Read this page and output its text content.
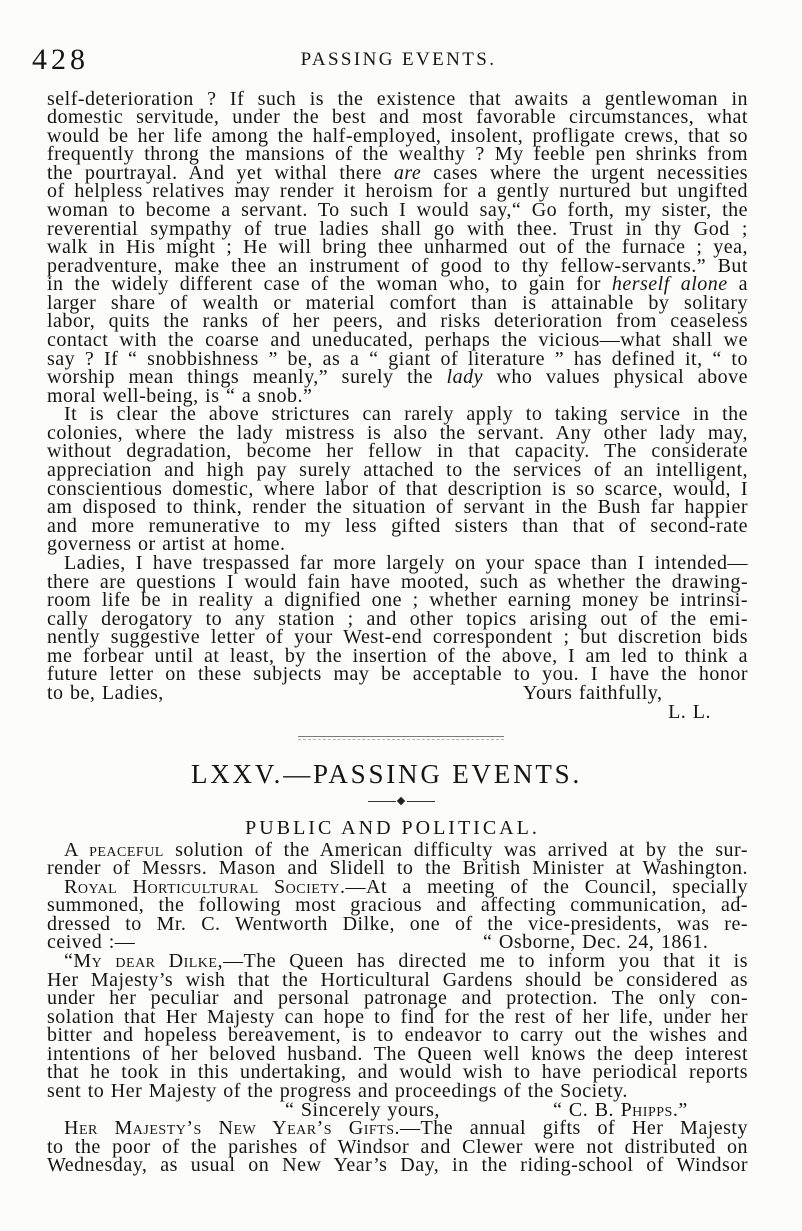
428	PASSING EVENTS.
self-deterioration ? If such is the existence that awaits a gentlewoman in
domestic servitude, under the best and most favorable circumstances, what
would be her life among the half-employed, insolent, profligate crews, that so
frequently throng the mansions of the wealthy ? My feeble pen shrinks from
the pourtrayal. And yet withal there are cases where the urgent necessities
of helpless relatives may render it heroism for a gently nurtured but ungifted
woman to become a servant. To such I would say,“ Go forth, my sister, the
reverential sympathy of true ladies shall go with thee. Trust in thy God ;
walk in His might ; He will bring thee unharmed out of the furnace ; yea,
peradventure, make thee an instrument of good to thy fellow-servants.” But
in the widely different case of the woman who, to gain for herself alone a
larger share of wealth or material comfort than is attainable by solitary
labor, quits the ranks of her peers, and risks deterioration from ceaseless
contact with the coarse and uneducated, perhaps the vicious—what shall we
say ? If “ snobbishness ” be, as a “ giant of literature ” has defined it, “ to
worship mean things meanly,” surely the lady who values physical above
moral well-being, is “ a snob.”
It is clear the above strictures can rarely apply to taking service in the
colonies, where the lady mistress is also the servant. Any other lady may,
without degradation, become her fellow in that capacity. The considerate
appreciation and high pay surely attached to the services of an intelligent,
conscientious domestic, where labor of that description is so scarce, would, I
am disposed to think, render the situation of servant in the Bush far happier
and more remunerative to my less gifted sisters than that of second-rate
governess or artist at home.
Ladies, I have trespassed far more largely on your space than I intended—
there are questions I would fain have mooted, such as whether the drawing-
room life be in reality a dignified one ; whether earning money be intrinsi-
cally derogatory to any station ; and other topics arising out of the emi-
nently suggestive letter of your West-end correspondent ; but discretion bids
me forbear until at least, by the insertion of the above, I am led to think a
future letter on these subjects may be acceptable to you. I have the honor
to be, Ladies,	Yours faithfully,
L. L.
LXXV.—PASSING EVENTS.
PUBLIC AND POLITICAL.
A peaceful solution of the American difficulty was arrived at by the sur-
render of Messrs. Mason and Slidell to the British Minister at Washington.
Royal Horticultural Society.—At a meeting of the Council, specially
summoned, the following most gracious and affecting communication, ad-
dressed to Mr. C. Wentworth Dilke, one of the vice-presidents, was re-
ceived :—	“ Osborne, Dec. 24, 1861.
“My dear Dilke,—The Queen has directed me to inform you that it is
Her Majesty’s wish that the Horticultural Gardens should be considered as
under her peculiar and personal patronage and protection. The only con-
solation that Her Majesty can hope to find for the rest of her life, under her
bitter and hopeless bereavement, is to endeavor to carry out the wishes and
intentions of her beloved husband. The Queen well knows the deep interest
that he took in this undertaking, and would wish to have periodical reports
sent to Her Majesty of the progress and proceedings of the Society.
“ Sincerely yours,	“ C. B. Phipps.”
Her Majesty’s New Year’s Gifts.—The annual gifts of Her Majesty
to the poor of the parishes of Windsor and Clewer were not distributed on
Wednesday, as usual on New Year’s Day, in the riding-school of Windsor
